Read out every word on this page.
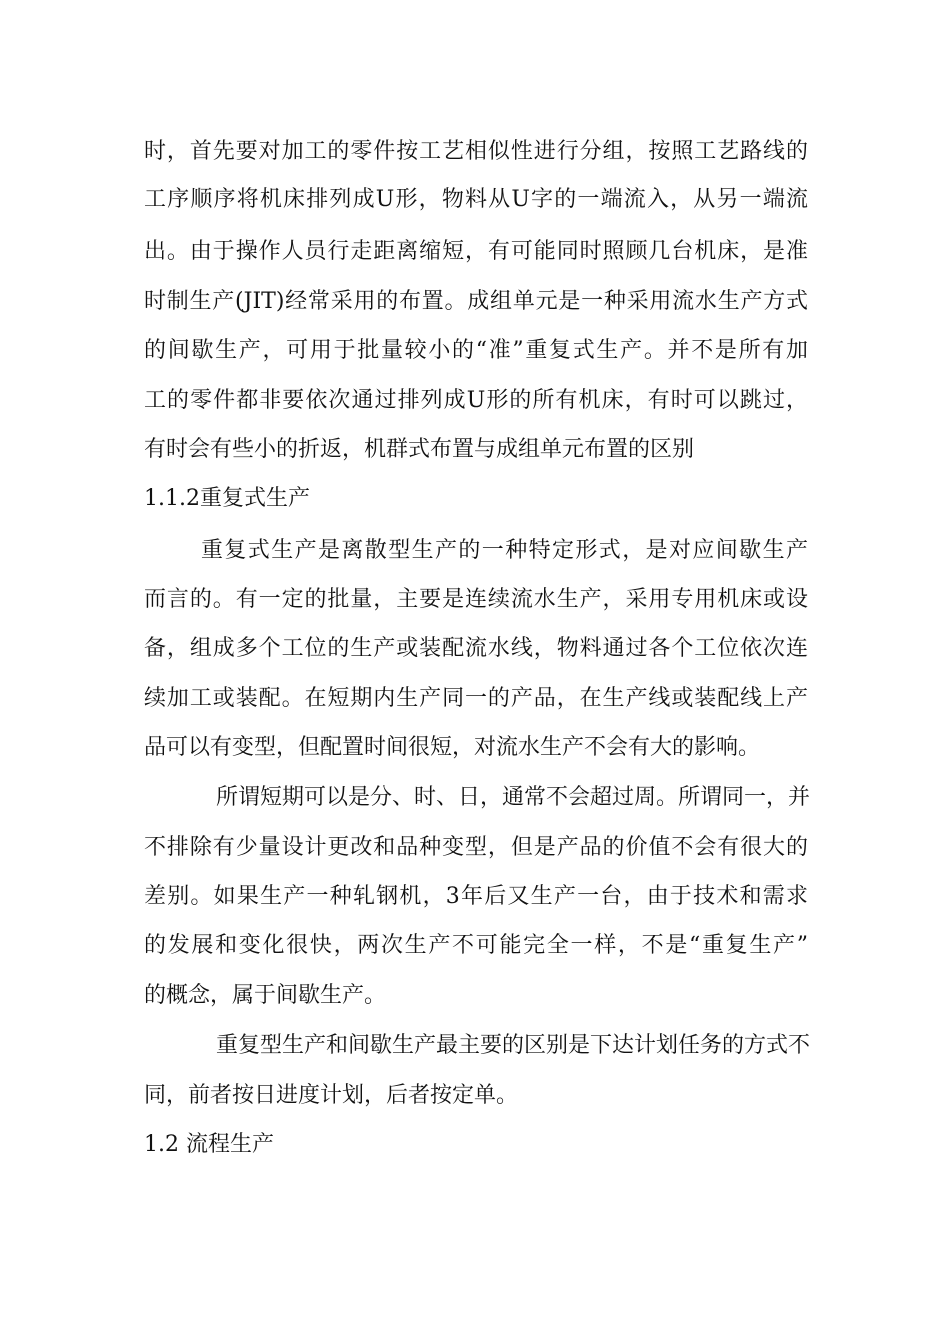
时，首先要对加工的零件按工艺相似性进行分组，按照工艺路线的
工序顺序将机床排列成U形，物料从U字的一端流入，从另一端流
出。由于操作人员行走距离缩短，有可能同时照顾几台机床，是准
时制生产(JIT)经常采用的布置。成组单元是一种采用流水生产方式
的间歇生产，可用于批量较小的“准”重复式生产。并不是所有加
工的零件都非要依次通过排列成U形的所有机床，有时可以跳过，
有时会有些小的折返，机群式布置与成组单元布置的区别
1.1.2重复式生产
重复式生产是离散型生产的一种特定形式，是对应间歇生产
而言的。有一定的批量，主要是连续流水生产，采用专用机床或设
备，组成多个工位的生产或装配流水线，物料通过各个工位依次连
续加工或装配。在短期内生产同一的产品，在生产线或装配线上产
品可以有变型，但配置时间很短，对流水生产不会有大的影响。
所谓短期可以是分、时、日，通常不会超过周。所谓同一，并
不排除有少量设计更改和品种变型，但是产品的价值不会有很大的
差别。如果生产一种轧钢机，3年后又生产一台，由于技术和需求
的发展和变化很快，两次生产不可能完全一样，不是“重复生产”
的概念，属于间歇生产。
重复型生产和间歇生产最主要的区别是下达计划任务的方式不
同，前者按日进度计划，后者按定单。
1.2 流程生产
